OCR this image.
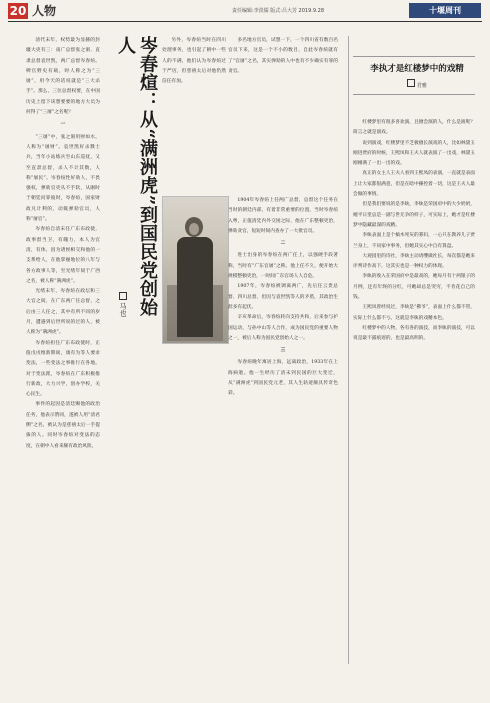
20 人物	责任编辑:李淡儒 版式:吕大芳 2019.9.28	十堰周刊

清代末年，权势最为显赫的封疆大吏有三：南广总督张之洞、直隶总督袁世凯，两广总督岑春煊。稗官野史有载，时人称之为“三屠”，用今天的话说就是“三大杀手”。那么，三位总督权要，在中国历史上留下该想要要的地方大员为何得了“三屠”之名呢？

一

“三屠”中，张之洞用财如水，人称为“屠财”。袁世凯好杀戮士兵，当年小站练兵至山东巡抚，又至直隶总督，杀人不计其数，人称“屠民”。岑春煊性好劾人，不畏强权，弹劾官吏从不手软，从刚时于朝廷问罪彼时，岑春煊，国家财政凡计利的，动辄弹劾官员，人称“屠官”。

岑春煊自清末任广东布政使，政事督当卫，有魄力，本人为官清，有体，因为诸侯相交和他的一支系给人，在他掌握地位的八年与各方政事人等，至光绪年间于广西之名，被人称“满洲虎”。

光绪末年，岑春煊在政坛和三大官之间，在广东两广任总督，之后由三人任之，其中有所不同的岁月，遭遇到后世所说的过的人，被人称为“满洲虎”。

岑春煊担任广东布政使时，正值戊戌维新期间，康有为等人要求变法，一些变法之事推行在各地。对于变法派，岑春煊在广东积极推行新政，大力兴学，创办学校，关心民生。

事件的起因是清廷赐他的政治任务，他表示赞同，遂被人用“清君侧”之名，被认为是慈禧太后一手提拔的人。同时岑春煊对变法的态度，在朝中人看来颇有政治风险。

岑春煊：从“满洲虎”到国民党创始人
马也

另外，岑春煊当时在四川处理事务，也引起了朝中一些人的不满，他们认为岑春煊过于严厉，但慈禧太后对他仍然信任有加。

多名地方官员，试想一下，一个四川省有数百名官员下来，这是一个不小的数目，自此岑春煊就有了“官屠”之名，其实弹劾的人中也有不少确实有罪的贪官。

1904年岑春煊上任两广总督，总督这个任务在当时的朝廷内部，有着非常重要的位置，当时岑春煊入粤，正值清廷内外交困之际，他在广东整顿吏治，弹劾贪官，短短时间内查办了一大批官员。

二

进士出身的岑春煊在两广任上，以强硬手段著称，当时有“广东官屠”之称。他上任不久，便开始大规模整顿吏治，一时间广东官场人人自危。

1907年，岑春煊被调离两广，先后任云贵总督、四川总督，但因与袁世凯等人的矛盾，其政治生涯多有起伏。

辛亥革命后，岑春煊转向支持共和，后来参与护国运动，与孙中山等人合作，成为国民党的重要人物之一，被后人称为国民党创始人之一。

三

岑春煊晚年寓居上海，远离政治，1933年在上海病逝。他一生经历了清末到民国的巨大变迁，从“满洲虎”到国民党元老，其人生轨迹颇具传奇色彩。

李执才是红楼梦中的戏精
君雅

红楼梦里有很多喜欢演，且擅会演的人，什么是演呢？简言之就是演戏。

说到演戏，红楼梦里不乏极擅长演戏的人，比如林黛玉刚进贾府的时候，王熙凤和王夫人就表演了一出戏，林黛玉刚刚满了一出一出的戏。

真正的女主人王夫人看到王熙凤的表演，一直就是表面上让大家都很满意，但是在暗中操控着一切，这是王夫人最会做的事情。

但是我们要说的是李纨，李纨是荣国府中的大少奶奶，她平日里总是一副与世无争的样子，可实际上，她才是红楼梦中隐藏最深的戏精。

李纨表面上是个槁木死灰的寡妇，一心只在教养儿子贾兰身上，不问家中事务，但她其实心中自有算盘。

大观园里的诗社，李纨主动请缨做社长，每次都是她来评判诗作高下，这其实也是一种权力的体现。

李纨的收入在荣国府中是最高的，她每月有十两银子的月例，还有年终的分红，可她却总是哭穷，不肯花自己的钱。

王熙凤曾经说过，李纨是“佛爷”，表面上什么都不管，实际上什么都不亏。这就是李纨的戏精本色。

红楼梦中的人物，各有各的演技，而李纨的演技，可以说是最不露痕迹的，也是最高明的。
